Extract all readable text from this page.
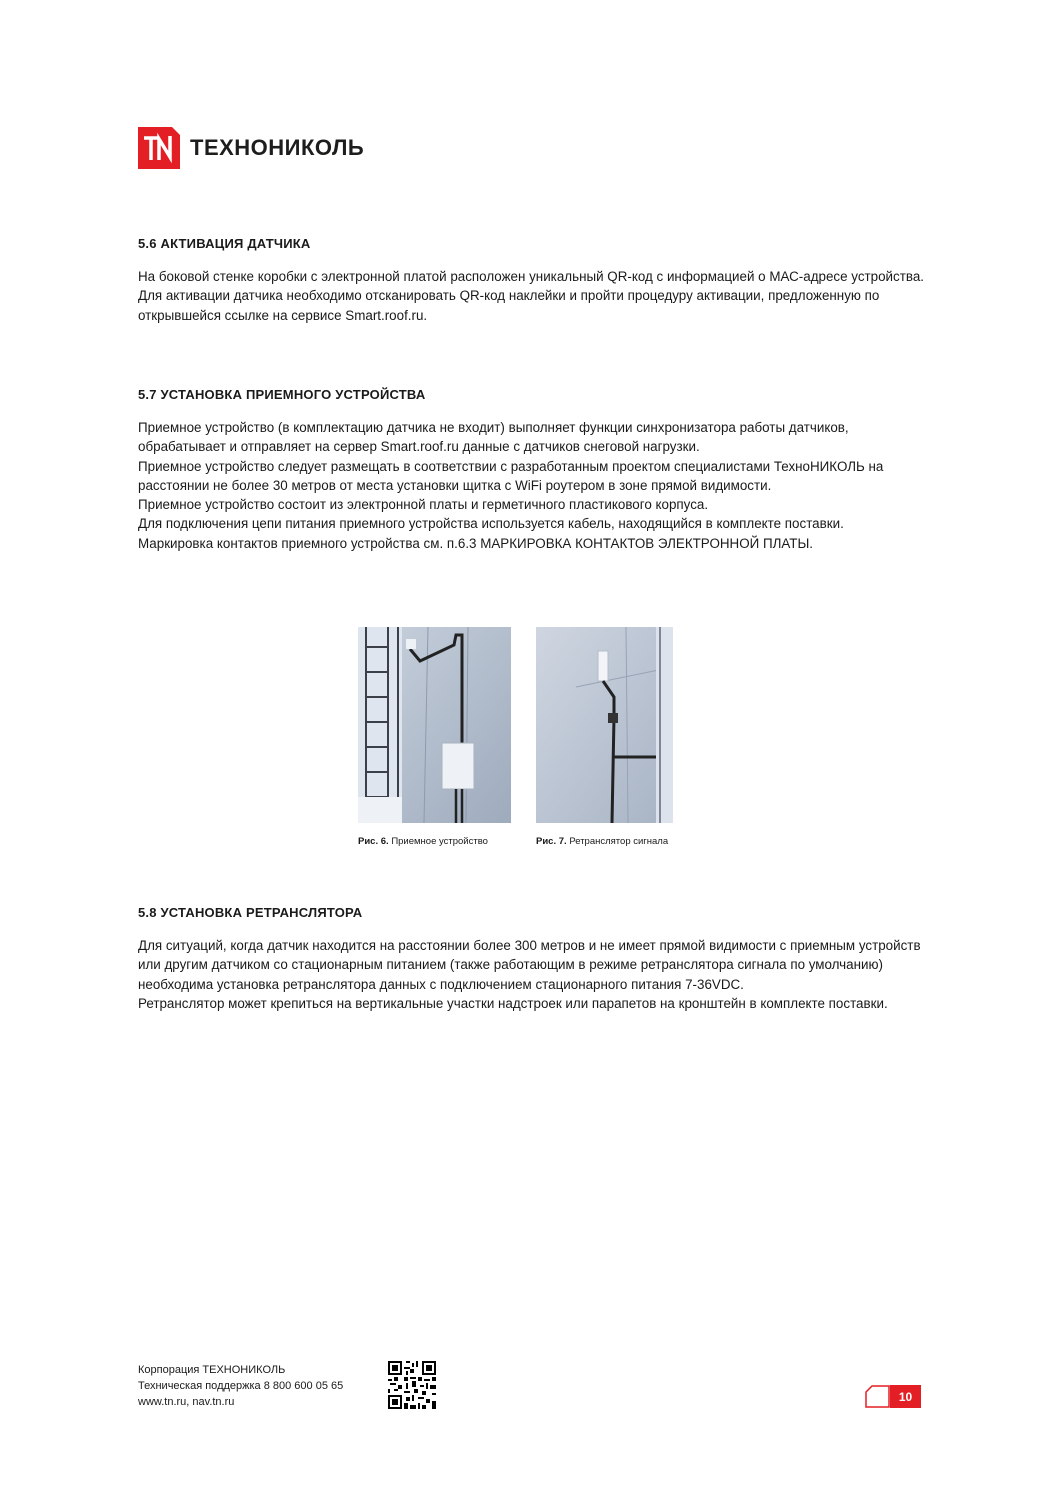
ТЕХНОНИКОЛЬ
5.6 АКТИВАЦИЯ ДАТЧИКА

На боковой стенке коробки с электронной платой расположен уникальный QR-код с информацией о МАС-адресе устройства.

Для активации датчика необходимо отсканировать QR-код наклейки и пройти процедуру активации, предложенную по открывшейся ссылке на сервисе Smart.roof.ru.

5.7 УСТАНОВКА ПРИЕМНОГО УСТРОЙСТВА

Приемное устройство (в комплектацию датчика не входит) выполняет функции синхронизатора работы датчиков, обрабатывает и отправляет на сервер Smart.roof.ru данные с датчиков снеговой нагрузки.

Приемное устройство следует размещать в соответствии с разработанным проектом специалистами ТехноНИКОЛЬ на расстоянии не более 30 метров от места установки щитка с WiFi роутером в зоне прямой видимости.

Приемное устройство состоит из электронной платы и герметичного пластикового корпуса.

Для подключения цепи питания приемного устройства используется кабель, находящийся в комплекте поставки.

Маркировка контактов приемного устройства см. п.6.3 МАРКИРОВКА КОНТАКТОВ ЭЛЕКТРОННОЙ ПЛАТЫ.

Рис. 6. Приемное устройство	Рис. 7. Ретранслятор сигнала
5.8 УСТАНОВКА РЕТРАНСЛЯТОРА

Для ситуаций, когда датчик находится на расстоянии более 300 метров и не имеет прямой видимости с приемным устройств или другим датчиком со стационарным питанием (также работающим в режиме ретранслятора сигнала по умолчанию) необходима установка ретранслятора данных с подключением стационарного питания 7-36VDC.

Ретранслятор может крепиться на вертикальные участки надстроек или парапетов на кронштейн в комплекте поставки.

Корпорация ТЕХНОНИКОЛЬ
Техническая поддержка 8 800 600 05 65
www.tn.ru, nav.tn.ru	10
